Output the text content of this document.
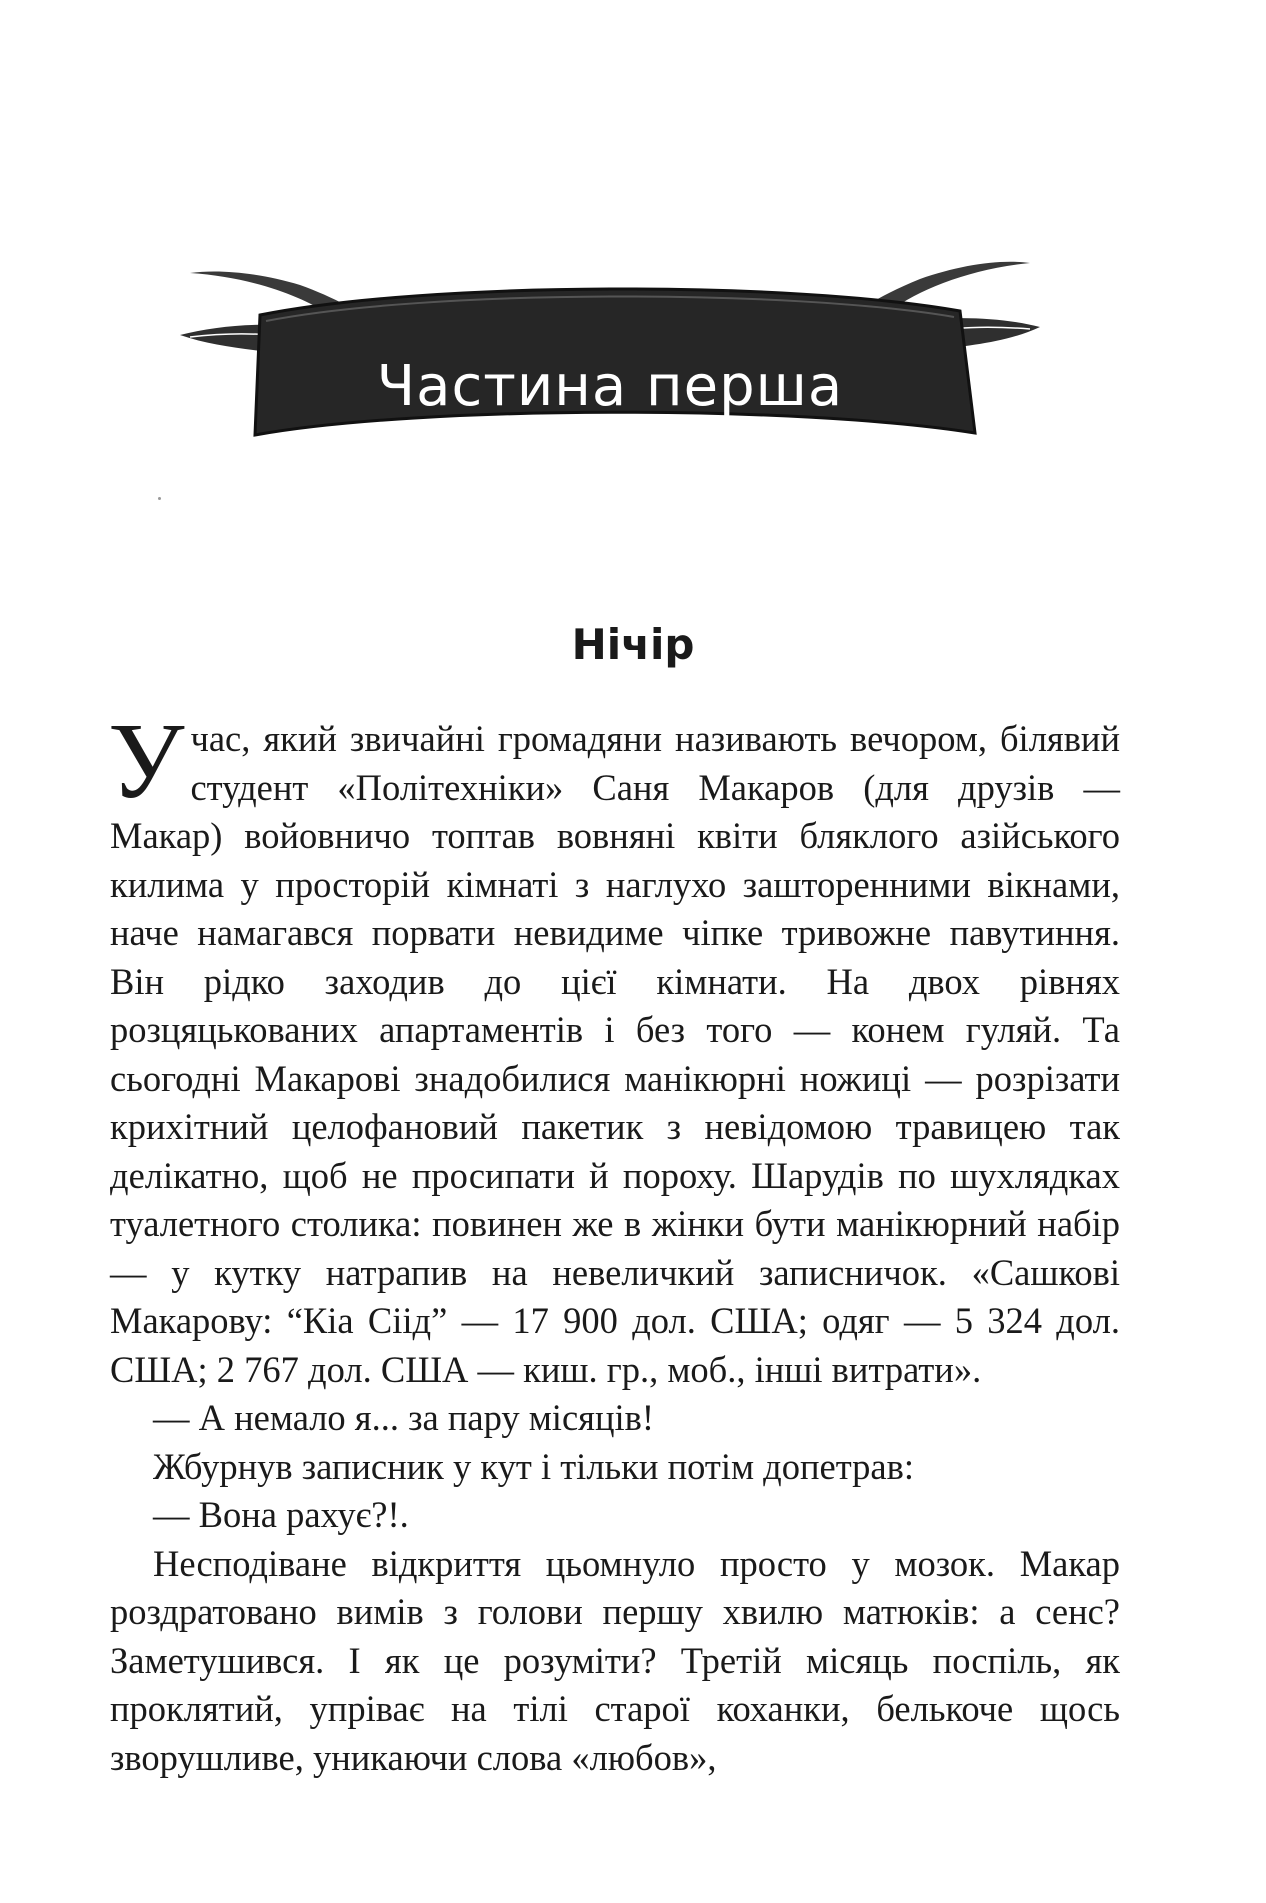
Частина перша
Нічір

Учас, який звичайні громадяни називають вечором, білявий студент «Політехніки» Саня Макаров (для друзів — Макар) войовничо топтав вовняні квіти бляклого азійського килима у просторій кімнаті з наглухо зашторенними вікнами, наче намагався порвати невидиме чіпке тривожне павутиння. Він рідко заходив до цієї кімнати. На двох рівнях розцяцькованих апартаментів і без того — конем гуляй. Та сьогодні Макарові знадобилися манікюрні ножиці — розрізати крихітний целофановий пакетик з невідомою травицею так делікатно, щоб не просипати й пороху. Шарудів по шухлядках туалетного столика: повинен же в жінки бути манікюрний набір — у кутку натрапив на невеличкий записничок. «Сашкові Макарову: “Кіа Сіід” — 17 900 дол. США; одяг — 5 324 дол. США; 2 767 дол. США — киш. гр., моб., інші витрати».

— А немало я... за пару місяців!

Жбурнув записник у кут і тільки потім допетрав:

— Вона рахує?!.

Несподіване відкриття цьомнуло просто у мозок. Макар роздратовано вимів з голови першу хвилю матюків: а сенс? Заметушився. І як це розуміти? Третій місяць поспіль, як проклятий, упріває на тілі старої коханки, белькоче щось зворушливе, уникаючи слова «любов»,
